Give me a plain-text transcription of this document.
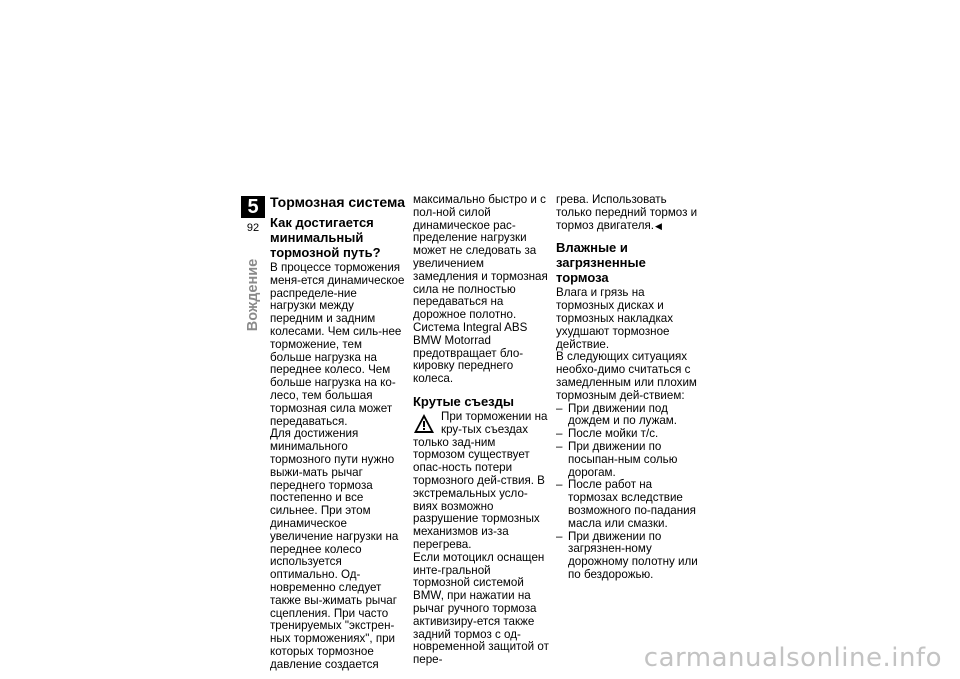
5
92
Вождение
Тормозная система
Как достигается минимальный тормозной путь?

В процессе торможения меня-ется динамическое распределе-ние нагрузки между передним и задним колесами. Чем силь-нее торможение, тем больше нагрузка на переднее колесо. Чем больше нагрузка на ко-лесо, тем большая тормозная сила может передаваться.

Для достижения минимального тормозного пути нужно выжи-мать рычаг переднего тормоза постепенно и все сильнее. При этом динамическое увеличение нагрузки на переднее колесо используется оптимально. Од-новременно следует также вы-жимать рычаг сцепления. При часто тренируемых "экстрен-ных торможениях", при которых тормозное давление создается

максимально быстро и с пол-ной силой динамическое рас-пределение нагрузки может не следовать за увеличением замедления и тормозная сила не полностью передаваться на дорожное полотно.

Система Integral ABS BMW Motorrad предотвращает бло-кировку переднего колеса.

Крутые съезды

При торможении на кру-тых съездах только зад-ним тормозом существует опас-ность потери тормозного дей-ствия. В экстремальных усло-виях возможно разрушение тормозных механизмов из-за перегрева.

Если мотоцикл оснащен инте-гральной тормозной системой BMW, при нажатии на рычаг ручного тормоза активизиру-ется также задний тормоз с од-новременной защитой от пере-

грева. Использовать только передний тормоз и тормоз двигателя.◀

Влажные и загрязненные тормоза

Влага и грязь на тормозных дисках и тормозных накладках ухудшают тормозное действие.

В следующих ситуациях необхо-димо считаться с замедленным или плохим тормозным дей-ствием:

– При движении под дождем и по лужам.
– После мойки т/с.
– При движении по посыпан-ным солью дорогам.
– После работ на тормозах вследствие возможного по-падания масла или смазки.
– При движении по загрязнен-ному дорожному полотну или по бездорожью.
carmanualsonline.info
